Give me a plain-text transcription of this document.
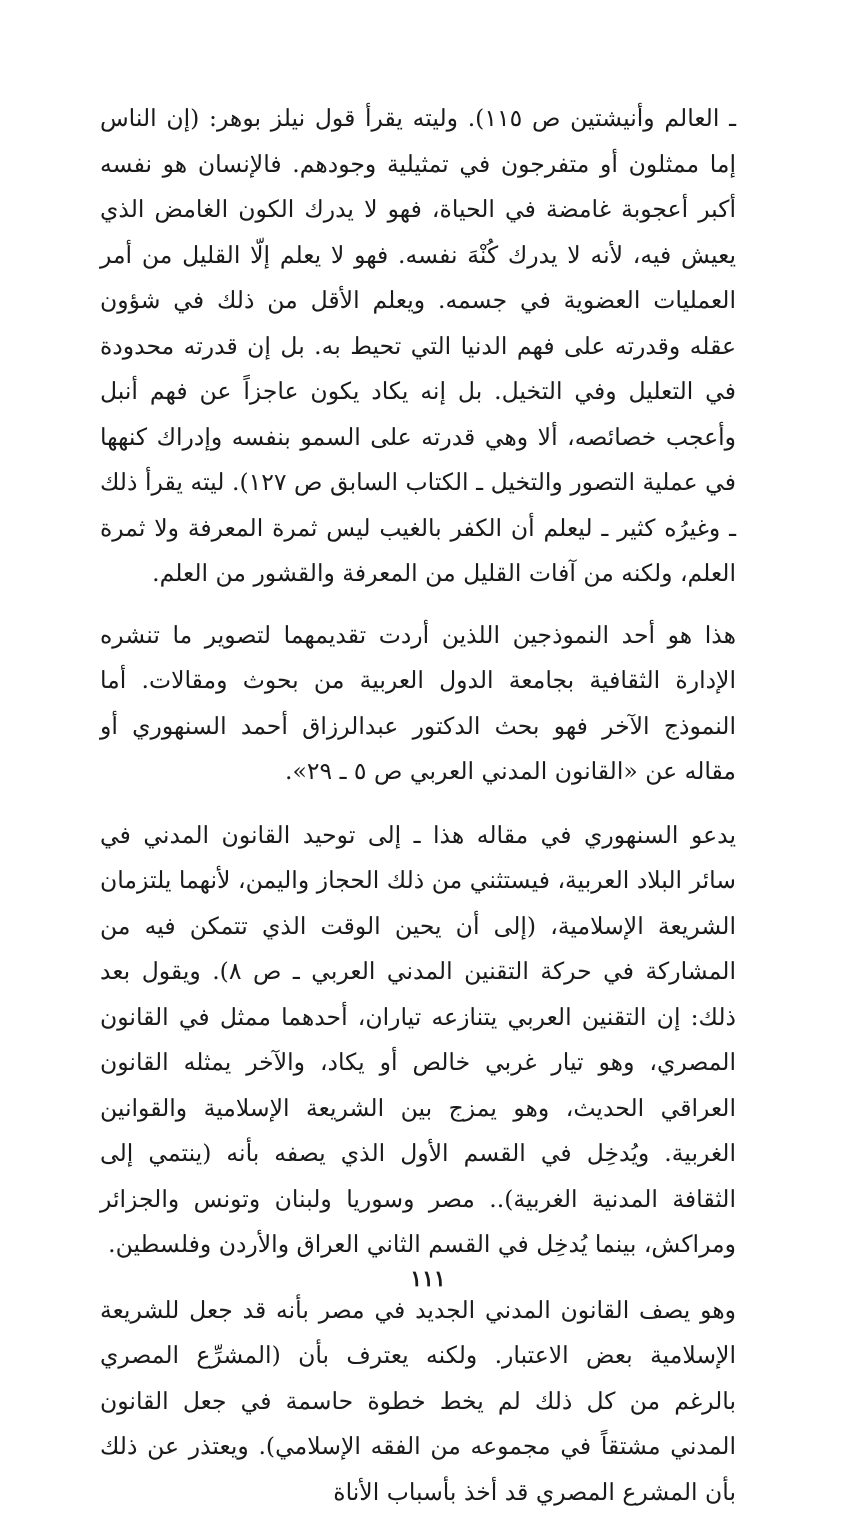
ـ العالم وأنيشتين ص ١١٥). وليته يقرأ قول نيلز بوهر: (إن الناس إما ممثلون أو متفرجون في تمثيلية وجودهم. فالإنسان هو نفسه أكبر أعجوبة غامضة في الحياة، فهو لا يدرك الكون الغامض الذي يعيش فيه، لأنه لا يدرك كُنْهَ نفسه. فهو لا يعلم إلّا القليل من أمر العمليات العضوية في جسمه. ويعلم الأقل من ذلك في شؤون عقله وقدرته على فهم الدنيا التي تحيط به. بل إن قدرته محدودة في التعليل وفي التخيل. بل إنه يكاد يكون عاجزاً عن فهم أنبل وأعجب خصائصه، ألا وهي قدرته على السمو بنفسه وإدراك كنهها في عملية التصور والتخيل ـ الكتاب السابق ص ١٢٧). ليته يقرأ ذلك ـ وغيرُه كثير ـ ليعلم أن الكفر بالغيب ليس ثمرة المعرفة ولا ثمرة العلم، ولكنه من آفات القليل من المعرفة والقشور من العلم.

هذا هو أحد النموذجين اللذين أردت تقديمهما لتصوير ما تنشره الإدارة الثقافية بجامعة الدول العربية من بحوث ومقالات. أما النموذج الآخر فهو بحث الدكتور عبدالرزاق أحمد السنهوري أو مقاله عن «القانون المدني العربي ص ٥ ـ ٢٩».

يدعو السنهوري في مقاله هذا ـ إلى توحيد القانون المدني في سائر البلاد العربية، فيستثني من ذلك الحجاز واليمن، لأنهما يلتزمان الشريعة الإسلامية، (إلى أن يحين الوقت الذي تتمكن فيه من المشاركة في حركة التقنين المدني العربي ـ ص ٨). ويقول بعد ذلك: إن التقنين العربي يتنازعه تياران، أحدهما ممثل في القانون المصري، وهو تيار غربي خالص أو يكاد، والآخر يمثله القانون العراقي الحديث، وهو يمزج بين الشريعة الإسلامية والقوانين الغربية. ويُدخِل في القسم الأول الذي يصفه بأنه (ينتمي إلى الثقافة المدنية الغربية).. مصر وسوريا ولبنان وتونس والجزائر ومراكش، بينما يُدخِل في القسم الثاني العراق والأردن وفلسطين.

وهو يصف القانون المدني الجديد في مصر بأنه قد جعل للشريعة الإسلامية بعض الاعتبار. ولكنه يعترف بأن (المشرِّع المصري بالرغم من كل ذلك لم يخط خطوة حاسمة في جعل القانون المدني مشتقاً في مجموعه من الفقه الإسلامي). ويعتذر عن ذلك بأن المشرع المصري قد أخذ بأسباب الأناة

١١١
